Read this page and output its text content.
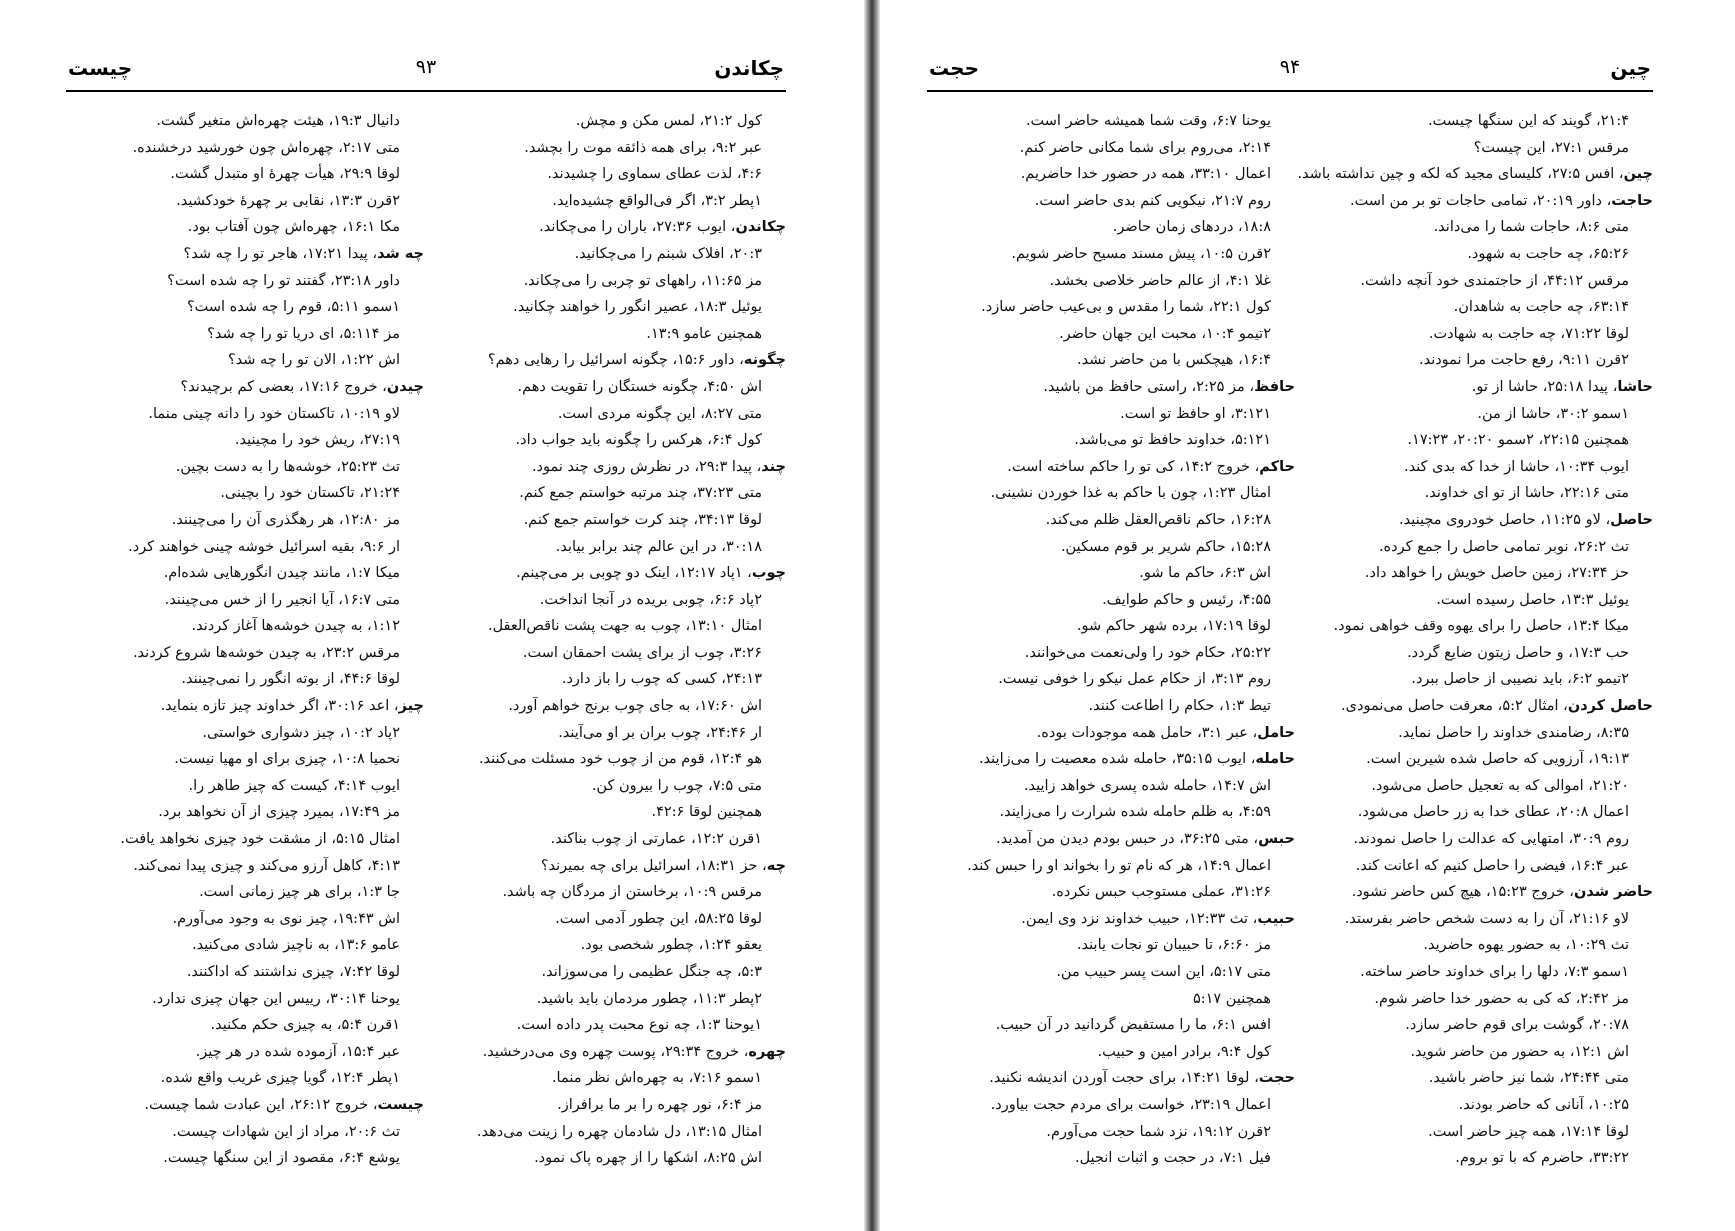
چکاندن
۹۳
چیست
کول ۲۱:۲، لمس مکن و مچش.
عبر ۹:۲، برای همه ذائقه موت را بچشد.
۴:۶، لذت عطای سماوی را چشیدند.
۱پطر ۳:۲، اگر فی‌الواقع چشیده‌اید.
چکاندن، ایوب ۲۷:۳۶، باران را می‌چکاند.
۲۰:۳، افلاک شبنم را می‌چکانید.
مز ۱۱:۶۵، راههای تو چربی را می‌چکاند.
یوئیل ۱۸:۳، عصیر انگور را خواهند چکانید.
همچنین عامو ۱۳:۹.
چگونه، داور ۱۵:۶، چگونه اسرائیل را رهایی دهم؟
اش ۴:۵۰، چگونه خستگان را تقویت دهم.
متی ۸:۲۷، این چگونه مردی است.
کول ۶:۴، هرکس را چگونه باید جواب داد.
چند، پیدا ۲۹:۳، در نظرش روزی چند نمود.
متی ۳۷:۲۳، چند مرتبه خواستم جمع کنم.
لوقا ۳۴:۱۳، چند کرت خواستم جمع کنم.
۳۰:۱۸، در این عالم چند برابر بیابد.
چوب، ۱پاد ۱۲:۱۷، اینک دو چوبی بر می‌چینم.
۲پاد ۶:۶، چوبی بریده در آنجا انداخت.
امثال ۱۳:۱۰، چوب به جهت پشت ناقص‌العقل.
۳:۲۶، چوب از برای پشت احمقان است.
۲۴:۱۳، کسی که چوب را باز دارد.
اش ۱۷:۶۰، به جای چوب برنج خواهم آورد.
ار ۲۴:۴۶، چوب بران بر او می‌آیند.
هو ۱۲:۴، قوم من از چوب خود مسئلت می‌کنند.
متی ۷:۵، چوب را بیرون کن.
همچنین لوقا ۴۲:۶.
۱قرن ۱۲:۲، عمارتی از چوب بناکند.
چه، حز ۱۸:۳۱، اسرائیل برای چه بمیرند؟
مرقس ۱۰:۹، برخاستن از مردگان چه باشد.
لوقا ۵۸:۲۵، این چطور آدمی است.
یعقو ۱:۲۴، چطور شخصی بود.
۵:۳، چه جنگل عظیمی را می‌سوزاند.
۲پطر ۱۱:۳، چطور مردمان باید باشید.
۱یوحنا ۱:۳، چه نوع محبت پدر داده است.
چهره، خروج ۲۹:۳۴، پوست چهره وی می‌درخشید.
۱سمو ۷:۱۶، به چهره‌اش نظر منما.
مز ۶:۴، نور چهره را بر ما برافراز.
امثال ۱۳:۱۵، دل شادمان چهره را زینت می‌دهد.
اش ۸:۲۵، اشکها را از چهره پاک نمود.
دانیال ۱۹:۳، هیئت چهره‌اش متغیر گشت.
متی ۲:۱۷، چهره‌اش چون خورشید درخشنده.
لوقا ۲۹:۹، هیأت چهرهٔ او متبدل گشت.
۲قرن ۱۳:۳، نقابی بر چهرهٔ خودکشید.
مکا ۱۶:۱، چهره‌اش چون آفتاب بود.
چه شد، پیدا ۱۷:۲۱، هاجر تو را چه شد؟
داور ۲۳:۱۸، گفتند تو را چه شده است؟
۱سمو ۵:۱۱، قوم را چه شده است؟
مز ۵:۱۱۴، ای دریا تو را چه شد؟
اش ۱:۲۲، الان تو را چه شد؟
چیدن، خروج ۱۷:۱۶، بعضی کم برچیدند؟
لاو ۱۰:۱۹، تاکستان خود را دانه چینی منما.
۲۷:۱۹، ریش خود را مچینید.
تث ۲۵:۲۳، خوشه‌ها را به دست بچین.
۲۱:۲۴، تاکستان خود را بچینی.
مز ۱۲:۸۰، هر رهگذری آن را می‌چینند.
ار ۹:۶، بقیه اسرائیل خوشه چینی خواهند کرد.
میکا ۱:۷، مانند چیدن انگورهایی شده‌ام.
متی ۱۶:۷، آیا انجیر را از خس می‌چینند.
۱:۱۲، به چیدن خوشه‌ها آغاز کردند.
مرقس ۲۳:۲، به چیدن خوشه‌ها شروع کردند.
لوقا ۴۴:۶، از بوته انگور را نمی‌چینند.
چیز، اعد ۳۰:۱۶، اگر خداوند چیز تازه بنماید.
۲پاد ۱۰:۲، چیز دشواری خواستی.
نحمیا ۱۰:۸، چیزی برای او مهیا نیست.
ایوب ۴:۱۴، کیست که چیز طاهر را.
مز ۱۷:۴۹، بمیرد چیزی از آن نخواهد برد.
امثال ۵:۱۵، از مشقت خود چیزی نخواهد یافت.
۴:۱۳، کاهل آرزو می‌کند و چیزی پیدا نمی‌کند.
جا ۱:۳، برای هر چیز زمانی است.
اش ۱۹:۴۳، چیز نوی به وجود می‌آورم.
عامو ۱۳:۶، به ناچیز شادی می‌کنید.
لوقا ۷:۴۲، چیزی نداشتند که اداکنند.
یوحنا ۳۰:۱۴، رییس این جهان چیزی ندارد.
۱قرن ۵:۴، به چیزی حکم مکنید.
عبر ۱۵:۴، آزموده شده در هر چیز.
۱پطر ۱۲:۴، گویا چیزی غریب واقع شده.
چیست، خروج ۲۶:۱۲، این عبادت شما چیست.
تث ۲۰:۶، مراد از این شهادات چیست.
یوشع ۶:۴، مقصود از این سنگها چیست.
چین
۹۴
حجت
۲۱:۴، گویند که این سنگها چیست.
مرقس ۲۷:۱، این چیست؟
چین، افس ۲۷:۵، کلیسای مجید که لکه و چین نداشته باشد.
حاجت، داور ۲۰:۱۹، تمامی حاجات تو بر من است.
متی ۸:۶، حاجات شما را می‌داند.
۶۵:۲۶، چه حاجت به شهود.
مرقس ۴۴:۱۲، از حاجتمندی خود آنچه داشت.
۶۳:۱۴، چه حاجت به شاهدان.
لوقا ۷۱:۲۲، چه حاجت به شهادت.
۲قرن ۹:۱۱، رفع حاجت مرا نمودند.
حاشا، پیدا ۲۵:۱۸، حاشا از تو.
۱سمو ۳۰:۲، حاشا از من.
همچنین ۲۲:۱۵، ۲سمو ۲۰:۲۰، ۱۷:۲۳.
ایوب ۱۰:۳۴، حاشا از خدا که بدی کند.
متی ۲۲:۱۶، حاشا از تو ای خداوند.
حاصل، لاو ۱۱:۲۵، حاصل خودروی مچینید.
تث ۲۶:۲، نوبر تمامی حاصل را جمع کرده.
حز ۲۷:۳۴، زمین حاصل خویش را خواهد داد.
یوئیل ۱۳:۳، حاصل رسیده است.
میکا ۱۳:۴، حاصل را برای یهوه وقف خواهی نمود.
حب ۱۷:۳، و حاصل زیتون ضایع گردد.
۲تیمو ۶:۲، باید نصیبی از حاصل ببرد.
حاصل کردن، امثال ۵:۲، معرفت حاصل می‌نمودی.
۸:۳۵، رضامندی خداوند را حاصل نماید.
۱۹:۱۳، آرزویی که حاصل شده شیرین است.
۲۱:۲۰، اموالی که به تعجیل حاصل می‌شود.
اعمال ۲۰:۸، عطای خدا به زر حاصل می‌شود.
روم ۳۰:۹، امتهایی که عدالت را حاصل نمودند.
عبر ۱۶:۴، فیضی را حاصل کنیم که اعانت کند.
حاضر شدن، خروج ۱۵:۲۳، هیچ کس حاضر نشود.
لاو ۲۱:۱۶، آن را به دست شخص حاضر بفرستد.
تث ۱۰:۲۹، به حضور یهوه حاضرید.
۱سمو ۷:۳، دلها را برای خداوند حاضر ساخته.
مز ۲:۴۲، که کی به حضور خدا حاضر شوم.
۲۰:۷۸، گوشت برای قوم حاضر سازد.
اش ۱۲:۱، به حضور من حاضر شوید.
متی ۲۴:۴۴، شما نیز حاضر باشید.
۱۰:۲۵، آنانی که حاضر بودند.
لوقا ۱۷:۱۴، همه چیز حاضر است.
۳۳:۲۲، حاضرم که با تو بروم.
یوحنا ۶:۷، وقت شما همیشه حاضر است.
۲:۱۴، می‌روم برای شما مکانی حاضر کنم.
اعمال ۳۳:۱۰، همه در حضور خدا حاضریم.
روم ۲۱:۷، نیکویی کنم بدی حاضر است.
۱۸:۸، دردهای زمان حاضر.
۲قرن ۱۰:۵، پیش مسند مسیح حاضر شویم.
غلا ۴:۱، از عالم حاضر خلاصی بخشد.
کول ۲۲:۱، شما را مقدس و بی‌عیب حاضر سازد.
۲تیمو ۱۰:۴، محبت این جهان حاضر.
۱۶:۴، هیچکس با من حاضر نشد.
حافظ، مز ۲:۲۵، راستی حافظ من باشید.
۳:۱۲۱، او حافظ تو است.
۵:۱۲۱، خداوند حافظ تو می‌باشد.
حاکم، خروج ۱۴:۲، کی تو را حاکم ساخته است.
امثال ۱:۲۳، چون با حاکم به غذا خوردن نشینی.
۱۶:۲۸، حاکم ناقص‌العقل ظلم می‌کند.
۱۵:۲۸، حاکم شریر بر قوم مسکین.
اش ۶:۳، حاکم ما شو.
۴:۵۵، رئیس و حاکم طوایف.
لوقا ۱۷:۱۹، برده شهر حاکم شو.
۲۵:۲۲، حکام خود را ولی‌نعمت می‌خوانند.
روم ۳:۱۳، از حکام عمل نیکو را خوفی نیست.
تیط ۱:۳، حکام را اطاعت کنند.
حامل، عبر ۳:۱، حامل همه موجودات بوده.
حامله، ایوب ۳۵:۱۵، حامله شده معصیت را می‌زایند.
اش ۱۴:۷، حامله شده پسری خواهد زایید.
۴:۵۹، به ظلم حامله شده شرارت را می‌زایند.
حبس، متی ۳۶:۲۵، در حبس بودم دیدن من آمدید.
اعمال ۱۴:۹، هر که نام تو را بخواند او را حبس کند.
۳۱:۲۶، عملی مستوجب حبس نکرده.
حبیب، تث ۱۲:۳۳، حبیب خداوند نزد وی ایمن.
مز ۶:۶۰، تا حبیبان تو نجات یابند.
متی ۵:۱۷، این است پسر حبیب من.
همچنین ۵:۱۷
افس ۶:۱، ما را مستفیض گردانید در آن حبیب.
کول ۹:۴، برادر امین و حبیب.
حجت، لوقا ۱۴:۲۱، برای حجت آوردن اندیشه نکنید.
اعمال ۲۳:۱۹، خواست برای مردم حجت بیاورد.
۲قرن ۱۹:۱۲، نزد شما حجت می‌آورم.
فیل ۷:۱، در حجت و اثبات انجیل.
